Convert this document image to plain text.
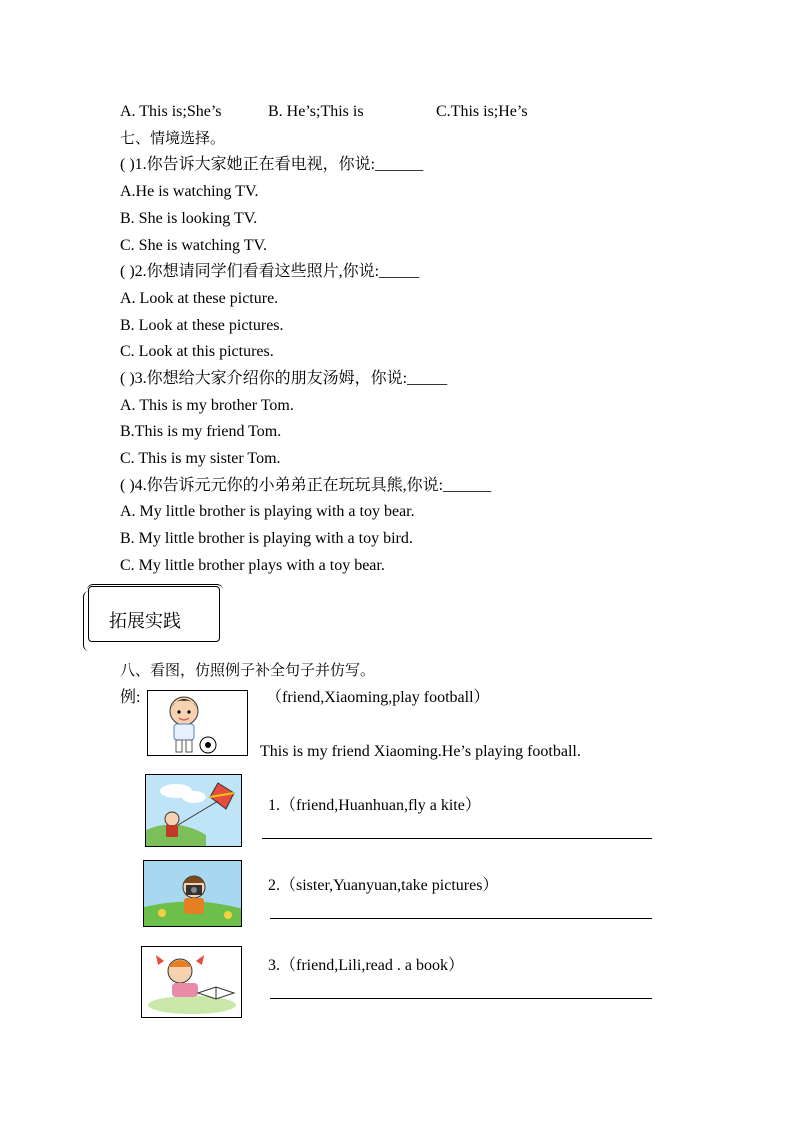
A. This is;She’s	B. He’s;This is	C.This is;He’s
七、情境选择。
( )1.你告诉大家她正在看电视，你说:______
A.He is watching TV.
B. She is looking TV.
C. She is watching TV.
( )2.你想请同学们看看这些照片,你说:_____
A. Look at these picture.
B. Look at these pictures.
C. Look at this pictures.
( )3.你想给大家介绍你的朋友汤姆，你说:_____
A. This is my brother Tom.
B.This is my friend Tom.
C. This is my sister Tom.
( )4.你告诉元元你的小弟弟正在玩玩具熊,你说:______
A. My little brother is playing with a toy bear.
B. My little brother is playing with a toy bird.
C. My little brother plays with a toy bear.
拓展实践
八、看图，仿照例子补全句子并仿写。
例:	（friend,Xiaoming,play football）
This is my friend Xiaoming.He’s playing football.
1.（friend,Huanhuan,fly a kite）
2.（sister,Yuanyuan,take pictures）
3.（friend,Lili,read . a book）
